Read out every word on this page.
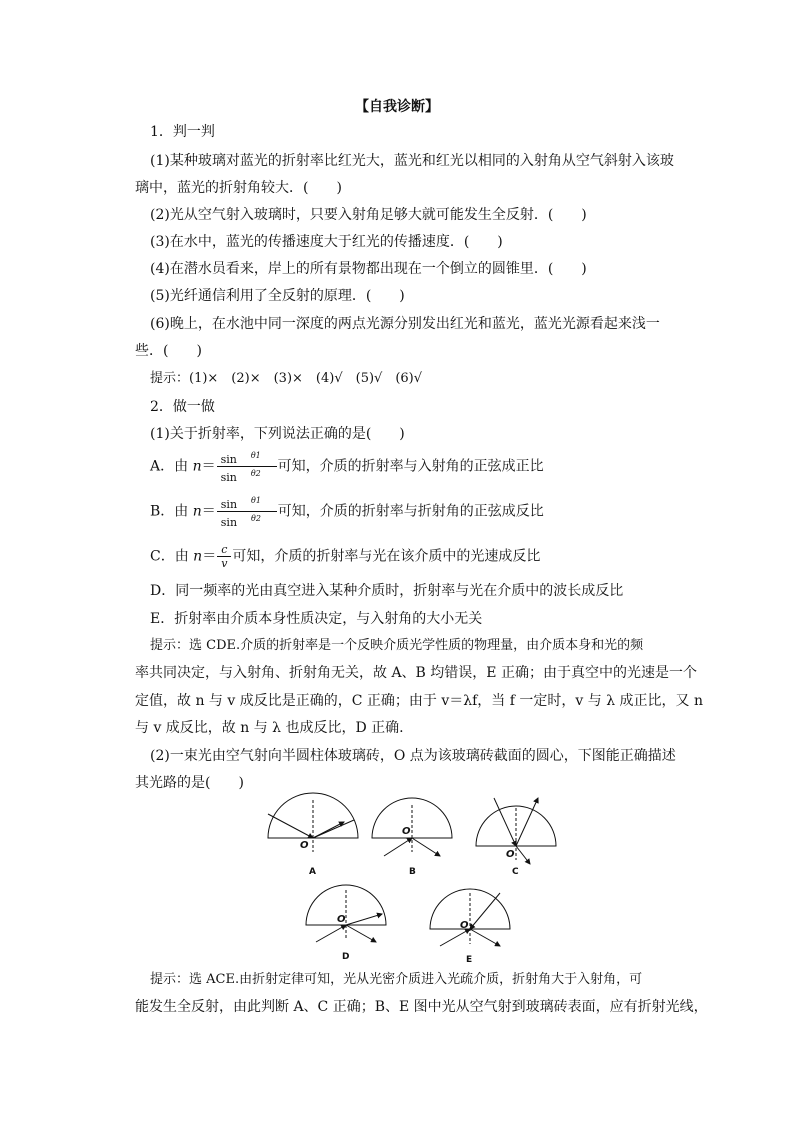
【自我诊断】
1．判一判
(1)某种玻璃对蓝光的折射率比红光大，蓝光和红光以相同的入射角从空气斜射入该玻
璃中，蓝光的折射角较大．(　　)
(2)光从空气射入玻璃时，只要入射角足够大就可能发生全反射．(　　)
(3)在水中，蓝光的传播速度大于红光的传播速度．(　　)
(4)在潜水员看来，岸上的所有景物都出现在一个倒立的圆锥里．(　　)
(5)光纤通信利用了全反射的原理．(　　)
(6)晚上，在水池中同一深度的两点光源分别发出红光和蓝光，蓝光光源看起来浅一
些．(　　)
提示：(1)×　(2)×　(3)×　(4)√　(5)√　(6)√
2．做一做
(1)关于折射率，下列说法正确的是(　　)
A．由 $n= \frac{\sin ^{\theta 1}}{\sin ^{\theta 2}}$ 可知，介质的折射率与入射角的正弦成正比
B．由 $n= \frac{\sin ^{\theta 1}}{\sin ^{\theta 2}}$ 可知，介质的折射率与折射角的正弦成反比
C．由 $n= \frac{c}{v}$ 可知，介质的折射率与光在该介质中的光速成反比
D．同一频率的光由真空进入某种介质时，折射率与光在介质中的波长成反比
E．折射率由介质本身性质决定，与入射角的大小无关
提示：选 CDE.介质的折射率是一个反映介质光学性质的物理量，由介质本身和光的频
率共同决定，与入射角、折射角无关，故 A、B 均错误，E 正确；由于真空中的光速是一个
定值，故 n 与 v 成反比是正确的，C 正确；由于 v＝λf，当 f 一定时，v 与 λ 成正比，又 n
与 v 成反比，故 n 与 λ 也成反比，D 正确.
(2)一束光由空气射向半圆柱体玻璃砖，O 点为该玻璃砖截面的圆心，下图能正确描述
其光路的是(　　)
O
O
O
O
O
A	B	C
D	E
提示：选 ACE.由折射定律可知，光从光密介质进入光疏介质，折射角大于入射角，可
能发生全反射，由此判断 A、C 正确；B、E 图中光从空气射到玻璃砖表面，应有折射光线，
